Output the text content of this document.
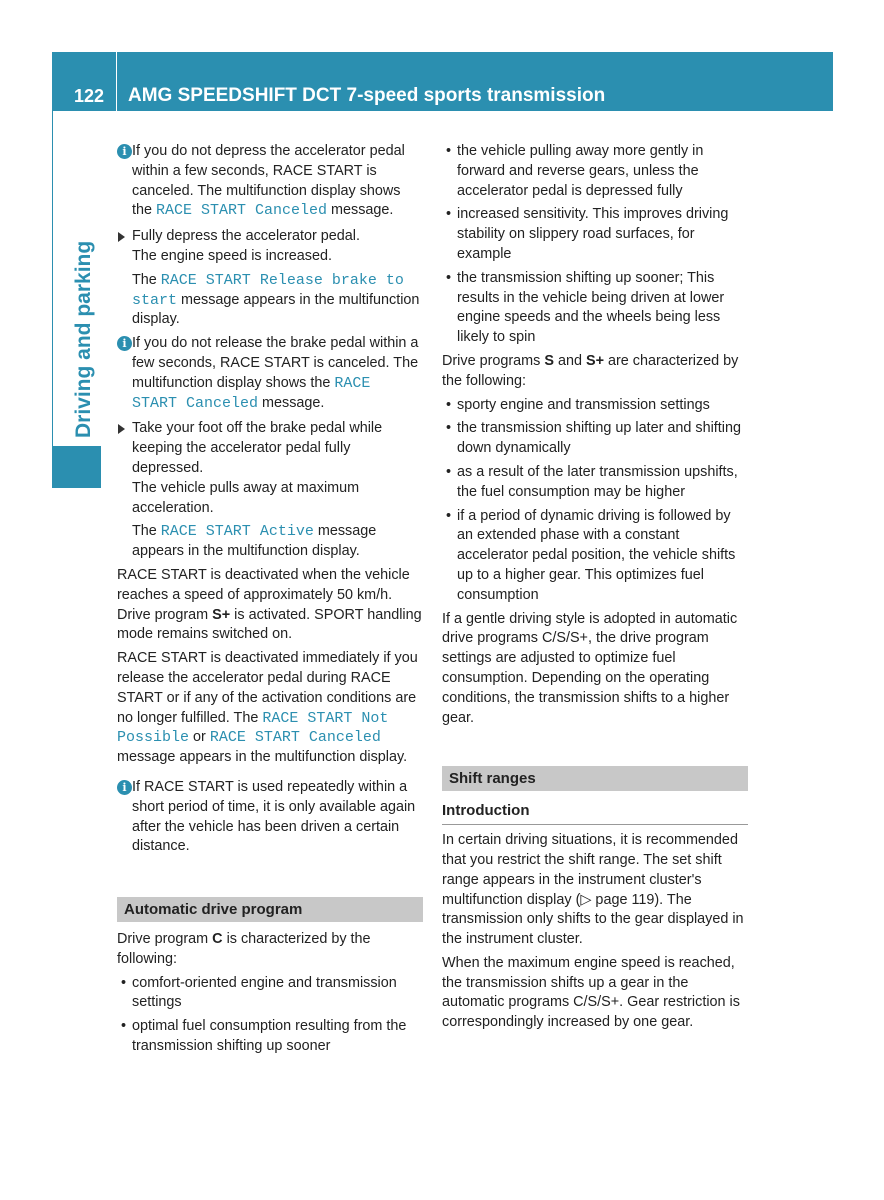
122 AMG SPEEDSHIFT DCT 7-speed sports transmission
Driving and parking
i If you do not depress the accelerator pedal within a few seconds, RACE START is canceled. The multifunction display shows the RACE START Canceled message.

Fully depress the accelerator pedal.
The engine speed is increased.

The RACE START Release brake to start message appears in the multifunction display.

i If you do not release the brake pedal within a few seconds, RACE START is canceled. The multifunction display shows the RACE START Canceled message.

Take your foot off the brake pedal while keeping the accelerator pedal fully depressed.
The vehicle pulls away at maximum acceleration.

The RACE START Active message appears in the multifunction display.

RACE START is deactivated when the vehicle reaches a speed of approximately 50 km/h. Drive program S+ is activated. SPORT handling mode remains switched on.

RACE START is deactivated immediately if you release the accelerator pedal during RACE START or if any of the activation conditions are no longer fulfilled. The RACE START Not Possible or RACE START Canceled message appears in the multifunction display.

i If RACE START is used repeatedly within a short period of time, it is only available again after the vehicle has been driven a certain distance.
Automatic drive program

Drive program C is characterized by the following:

• comfort-oriented engine and transmission settings
• optimal fuel consumption resulting from the transmission shifting up sooner
• the vehicle pulling away more gently in forward and reverse gears, unless the accelerator pedal is depressed fully
• increased sensitivity. This improves driving stability on slippery road surfaces, for example
• the transmission shifting up sooner; This results in the vehicle being driven at lower engine speeds and the wheels being less likely to spin

Drive programs S and S+ are characterized by the following:

• sporty engine and transmission settings
• the transmission shifting up later and shifting down dynamically
• as a result of the later transmission upshifts, the fuel consumption may be higher
• if a period of dynamic driving is followed by an extended phase with a constant accelerator pedal position, the vehicle shifts up to a higher gear. This optimizes fuel consumption

If a gentle driving style is adopted in automatic drive programs C/S/S+, the drive program settings are adjusted to optimize fuel consumption. Depending on the operating conditions, the transmission shifts to a higher gear.

Shift ranges
Introduction

In certain driving situations, it is recommended that you restrict the shift range. The set shift range appears in the instrument cluster's multifunction display (▷ page 119). The transmission only shifts to the gear displayed in the instrument cluster.

When the maximum engine speed is reached, the transmission shifts up a gear in the automatic programs C/S/S+. Gear restriction is correspondingly increased by one gear.
